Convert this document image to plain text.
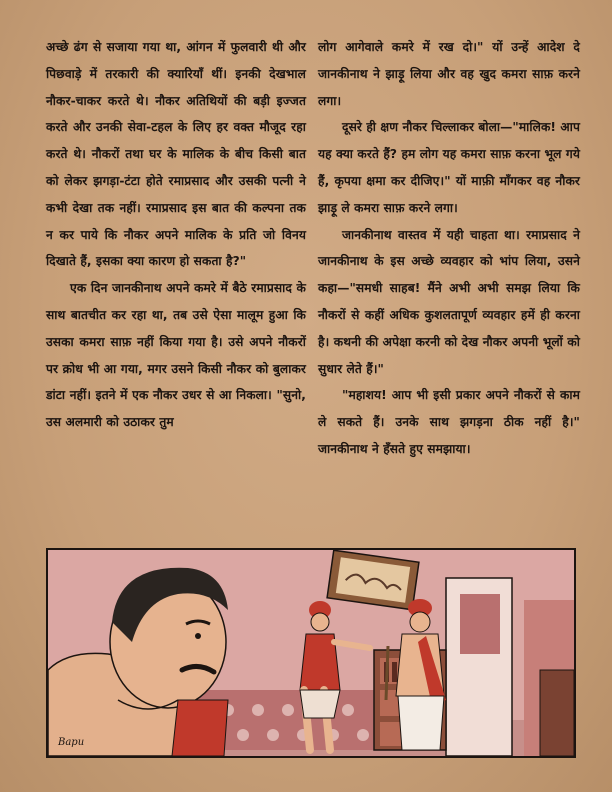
अच्छे ढंग से सजाया गया था, आंगन में फुलवारी थी और पिछवाड़े में तरकारी की क्यारियाँ थीं। इनकी देखभाल नौकर-चाकर करते थे। नौकर अतिथियों की बड़ी इज्जत करते और उनकी सेवा-टहल के लिए हर वक्त मौजूद रहा करते थे। नौकरों तथा घर के मालिक के बीच किसी बात को लेकर झगड़ा-टंटा होते रमाप्रसाद और उसकी पत्नी ने कभी देखा तक नहीं। रमाप्रसाद इस बात की कल्पना तक न कर पाये कि नौकर अपने मालिक के प्रति जो विनय दिखाते हैं, इसका क्या कारण हो सकता है?"

एक दिन जानकीनाथ अपने कमरे में बैठे रमाप्रसाद के साथ बातचीत कर रहा था, तब उसे ऐसा मालूम हुआ कि उसका कमरा साफ़ नहीं किया गया है। उसे अपने नौकरों पर क्रोध भी आ गया, मगर उसने किसी नौकर को बुलाकर डांटा नहीं। इतने में एक नौकर उधर से आ निकला। "सुनो, उस अलमारी को उठाकर तुम

लोग आगेवाले कमरे में रख दो।" यों उन्हें आदेश दे जानकीनाथ ने झाड़ू लिया और वह खुद कमरा साफ़ करने लगा।

दूसरे ही क्षण नौकर चिल्लाकर बोला—"मालिक! आप यह क्या करते हैं? हम लोग यह कमरा साफ़ करना भूल गये हैं, कृपया क्षमा कर दीजिए।" यों माफ़ी माँगकर वह नौकर झाड़ू ले कमरा साफ़ करने लगा।

जानकीनाथ वास्तव में यही चाहता था। रमाप्रसाद ने जानकीनाथ के इस अच्छे व्यवहार को भांप लिया, उसने कहा—"समधी साहब! मैंने अभी अभी समझ लिया कि नौकरों से कहीं अधिक कुशलतापूर्ण व्यवहार हमें ही करना है। कथनी की अपेक्षा करनी को देख नौकर अपनी भूलों को सुधार लेते हैं।"

"महाशय! आप भी इसी प्रकार अपने नौकरों से काम ले सकते हैं। उनके साथ झगड़ना ठीक नहीं है।" जानकीनाथ ने हँसते हुए समझाया।

Bapu
